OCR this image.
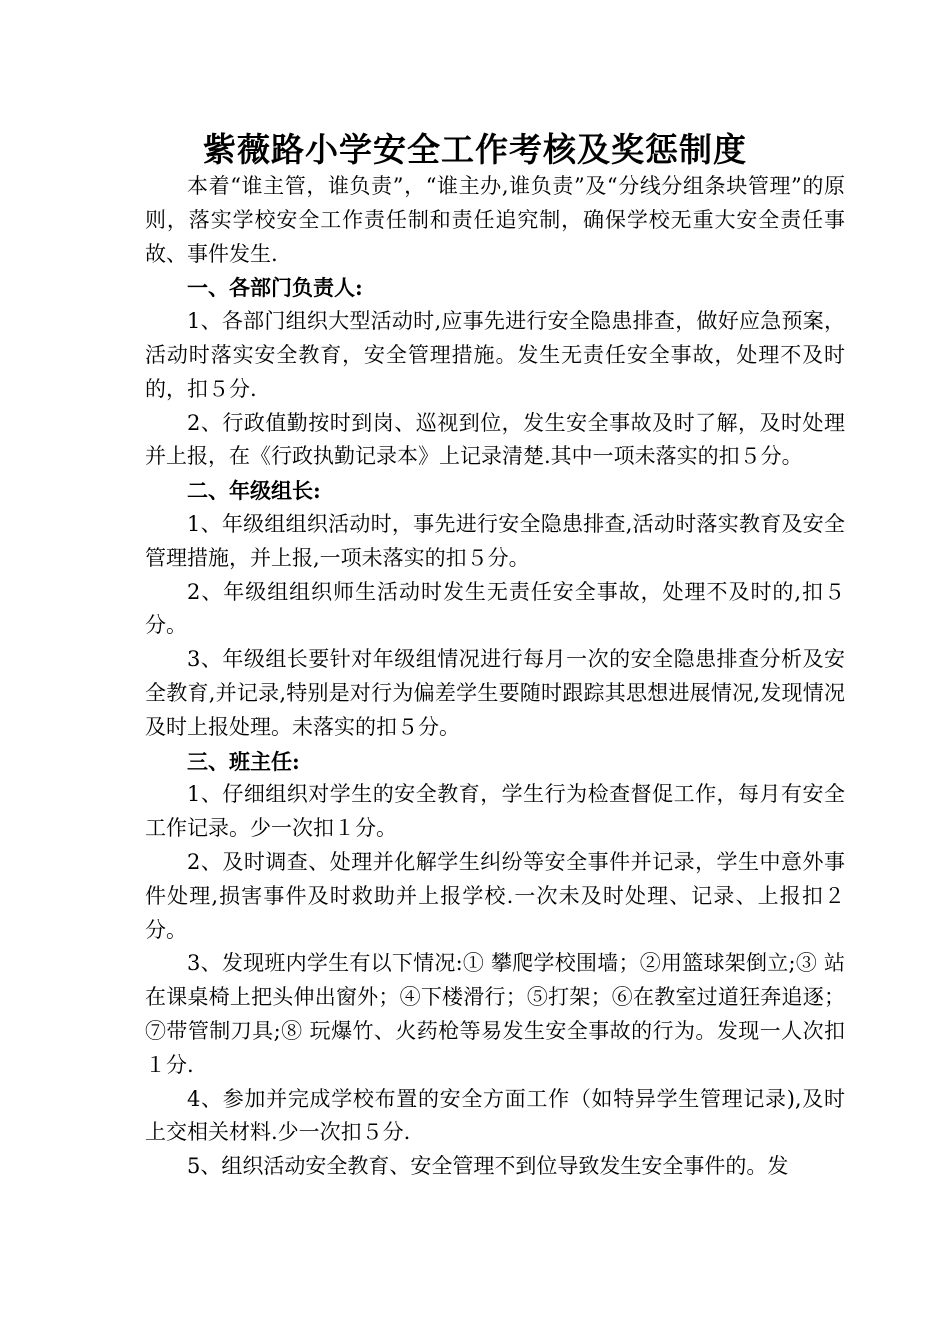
紫薇路小学安全工作考核及奖惩制度

本着“谁主管，谁负责”，“谁主办,谁负责”及“分线分组条块管理”的原则，落实学校安全工作责任制和责任追究制，确保学校无重大安全责任事故、事件发生.

一、各部门负责人:

1、各部门组织大型活动时,应事先进行安全隐患排查，做好应急预案，活动时落实安全教育，安全管理措施。发生无责任安全事故，处理不及时的，扣５分.

2、行政值勤按时到岗、巡视到位，发生安全事故及时了解，及时处理并上报，在《行政执勤记录本》上记录清楚.其中一项未落实的扣５分。

二、年级组长:

1、年级组组织活动时，事先进行安全隐患排查,活动时落实教育及安全管理措施，并上报,一项未落实的扣５分。

2、年级组组织师生活动时发生无责任安全事故，处理不及时的,扣５分。

3、年级组长要针对年级组情况进行每月一次的安全隐患排查分析及安全教育,并记录,特别是对行为偏差学生要随时跟踪其思想进展情况,发现情况及时上报处理。未落实的扣５分。

三、班主任:

1、仔细组织对学生的安全教育，学生行为检查督促工作，每月有安全工作记录。少一次扣１分。

2、及时调查、处理并化解学生纠纷等安全事件并记录，学生中意外事件处理,损害事件及时救助并上报学校.一次未及时处理、记录、上报扣２分。

3、发现班内学生有以下情况:① 攀爬学校围墙；②用篮球架倒立;③ 站在课桌椅上把头伸出窗外；④下楼滑行；⑤打架；⑥在教室过道狂奔追逐；⑦带管制刀具;⑧ 玩爆竹、火药枪等易发生安全事故的行为。发现一人次扣１分.

4、参加并完成学校布置的安全方面工作（如特异学生管理记录),及时上交相关材料.少一次扣５分.

5、组织活动安全教育、安全管理不到位导致发生安全事件的。发
